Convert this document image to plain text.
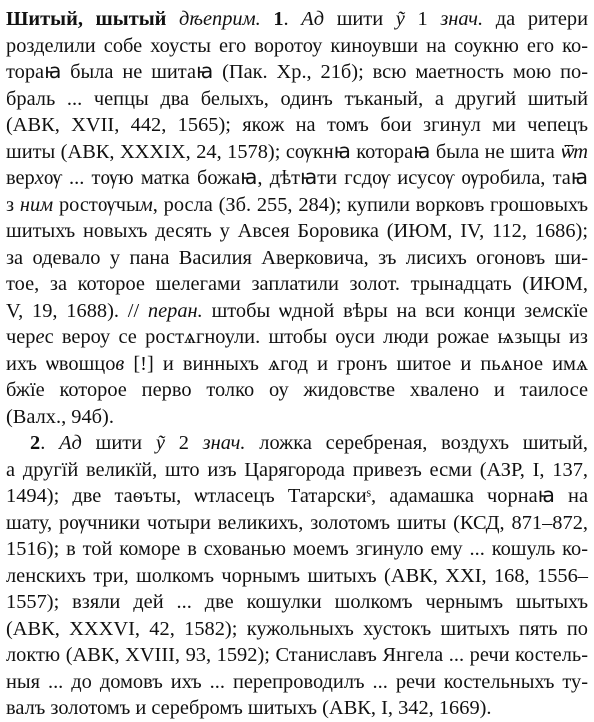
Шитый, шытый дѣеприм. 1. Ад шити ỹ 1 знач. да ритери
розделили собе хоусты его воротоу киноувши на соукню его ко-
тораꙗ была не шитаꙗ (Пак. Хр., 21б); всю маетность мою по-
браль ... чепцы два белыхъ, одинъ тъканый, а другий шитый
(АВК, XVII, 442, 1565); якож на томъ бои згинул ми чепецъ
шиты (АВК, XXXIX, 24, 1578); сѹкнꙗ котораꙗ была не шита ѿт
верхѹ ... тѹю матка божаꙗ, дѣтꙗти гсдѹ исусѹ ѹробила, таꙗ
з ним ростѹчым, росла (Зб. 255, 284); купили ворковъ грошовыхъ
шитыхъ новыхъ десять у Авсея Боровика (ИЮМ, IV, 112, 1686);
за одевало у пана Василия Аверковича, зъ лисихъ огоновъ ши-
тое, за которое шелегами заплатили золот. трынадцать (ИЮМ,
V, 19, 1688). // перан. штобы ѡдной вѣры на вси конци земскїе
черес вероу се ростѧгноули. штобы оуси люди рожае ѩзыцы из
ихъ ѡвошцов [!] и винныхъ ѧгод и гронъ шитое и пьѧное имѧ
бжїе которое перво толко оу жидовстве хвалено и таилосе
(Валх., 94б).
2. Ад шити ỹ 2 знач. ложка серебреная, воздухъ шитый,
а другїй великїй, што изъ Царягорода привезъ есми (АЗР, I, 137,
1494); две таѳъты, ѡтласецъ Татарскиˢ, адамашка чорнаꙗ на
шату, рѹчники чотыри великихъ, золотомъ шиты (КСД, 871–872,
1516); в той коморе в схованью моемъ згинуло ему ... кошуль ко-
ленскихъ три, шолкомъ чорнымъ шитыхъ (АВК, XXI, 168, 1556–
1557); взяли дей ... две кошулки шолкомъ чернымъ шытыхъ
(АВК, XXXVI, 42, 1582); кужольныхъ хустокъ шитыхъ пять по
локтю (АВК, XVIII, 93, 1592); Станиславъ Янгела ... речи костель-
ныя ... до домовъ ихъ ... перепроводилъ ... речи костельныхъ ту-
валъ золотомъ и серебромъ шитыхъ (АВК, I, 342, 1669).
